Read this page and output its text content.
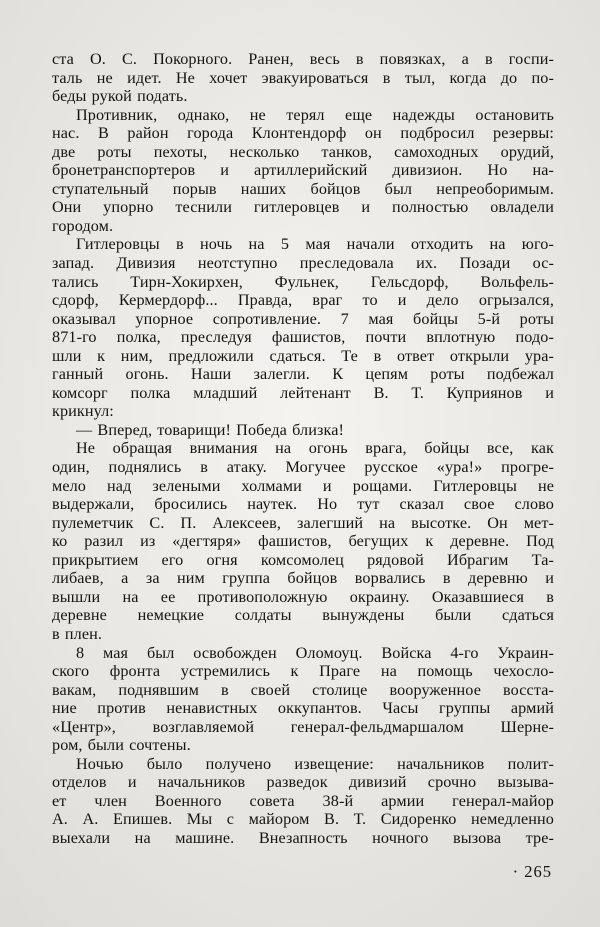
ста О. С. Покорного. Ранен, весь в повязках, а в госпи-
таль не идет. Не хочет эвакуироваться в тыл, когда до по-
беды рукой подать.
Противник, однако, не терял еще надежды остановить
нас. В район города Клонтендорф он подбросил резервы:
две роты пехоты, несколько танков, самоходных орудий,
бронетранспортеров и артиллерийский дивизион. Но на-
ступательный порыв наших бойцов был непреоборимым.
Они упорно теснили гитлеровцев и полностью овладели
городом.
Гитлеровцы в ночь на 5 мая начали отходить на юго-
запад. Дивизия неотступно преследовала их. Позади ос-
тались Тирн-Хокирхен, Фульнек, Гельсдорф, Вольфель-
сдорф, Кермердорф... Правда, враг то и дело огрызался,
оказывал упорное сопротивление. 7 мая бойцы 5-й роты
871-го полка, преследуя фашистов, почти вплотную подо-
шли к ним, предложили сдаться. Те в ответ открыли ура-
ганный огонь. Наши залегли. К цепям роты подбежал
комсорг полка младший лейтенант В. Т. Куприянов и
крикнул:
— Вперед, товарищи! Победа близка!
Не обращая внимания на огонь врага, бойцы все, как
один, поднялись в атаку. Могучее русское «ура!» прогре-
мело над зелеными холмами и рощами. Гитлеровцы не
выдержали, бросились наутек. Но тут сказал свое слово
пулеметчик С. П. Алексеев, залегший на высотке. Он мет-
ко разил из «дегтяря» фашистов, бегущих к деревне. Под
прикрытием его огня комсомолец рядовой Ибрагим Та-
либаев, а за ним группа бойцов ворвались в деревню и
вышли на ее противоположную окраину. Оказавшиеся в
деревне немецкие солдаты вынуждены были сдаться
в плен.
8 мая был освобожден Оломоуц. Войска 4-го Украин-
ского фронта устремились к Праге на помощь чехосло-
вакам, поднявшим в своей столице вооруженное восста-
ние против ненавистных оккупантов. Часы группы армий
«Центр», возглавляемой генерал-фельдмаршалом Шерне-
ром, были сочтены.
Ночью было получено извещение: начальников полит-
отделов и начальников разведок дивизий срочно вызыва-
ет член Военного совета 38-й армии генерал-майор
А. А. Епишев. Мы с майором В. Т. Сидоренко немедленно
выехали на машине. Внезапность ночного вызова тре-
· 265
